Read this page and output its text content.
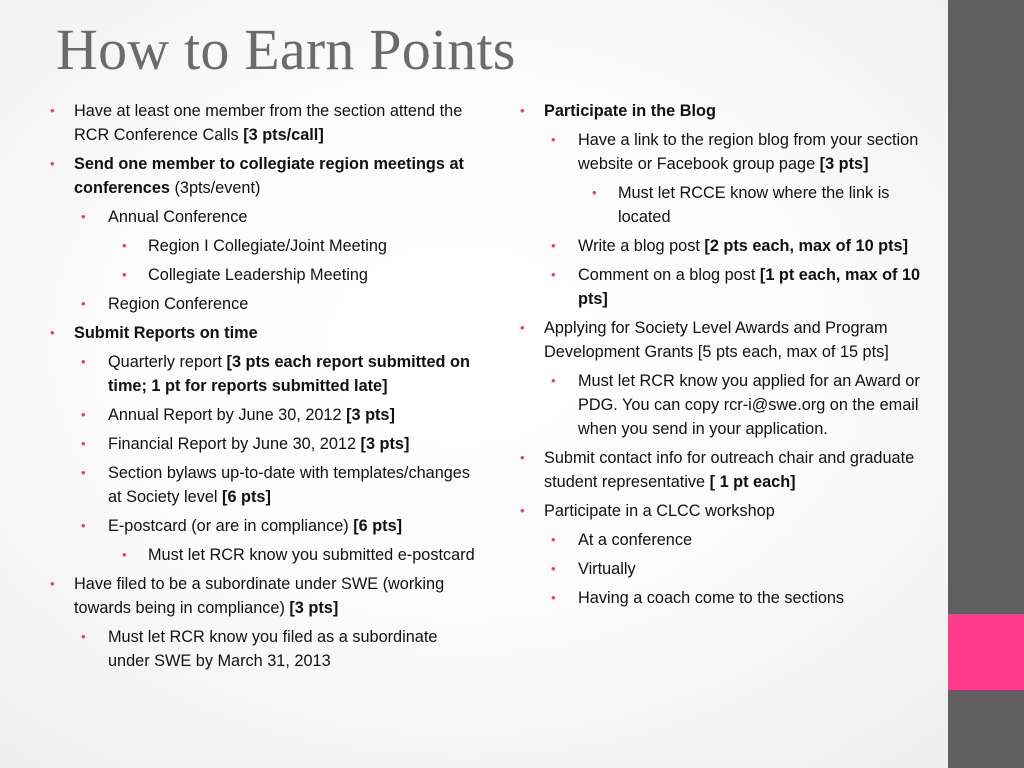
How to Earn Points
• Have at least one member from the section attend the RCR Conference Calls [3 pts/call]
• Send one member to collegiate region meetings at conferences (3pts/event)
• Annual Conference
• Region I Collegiate/Joint Meeting
• Collegiate Leadership Meeting
• Region Conference
• Submit Reports on time
• Quarterly report [3 pts each report submitted on time; 1 pt for reports submitted late]
• Annual Report by June 30, 2012 [3 pts]
• Financial Report by June 30, 2012 [3 pts]
• Section bylaws up-to-date with templates/changes at Society level [6 pts]
• E-postcard (or are in compliance) [6 pts]
• Must let RCR know you submitted e-postcard
• Have filed to be a subordinate under SWE (working towards being in compliance) [3 pts]
• Must let RCR know you filed as a subordinate under SWE by March 31, 2013
• Participate in the Blog
• Have a link to the region blog from your section website or Facebook group page [3 pts]
• Must let RCCE know where the link is located
• Write a blog post [2 pts each, max of 10 pts]
• Comment on a blog post [1 pt each, max of 10 pts]
• Applying for Society Level Awards and Program Development Grants [5 pts each, max of 15 pts]
• Must let RCR know you applied for an Award or PDG. You can copy rcr-i@swe.org on the email when you send in your application.
• Submit contact info for outreach chair and graduate student representative [ 1 pt each]
• Participate in a CLCC workshop
• At a conference
• Virtually
• Having a coach come to the sections
